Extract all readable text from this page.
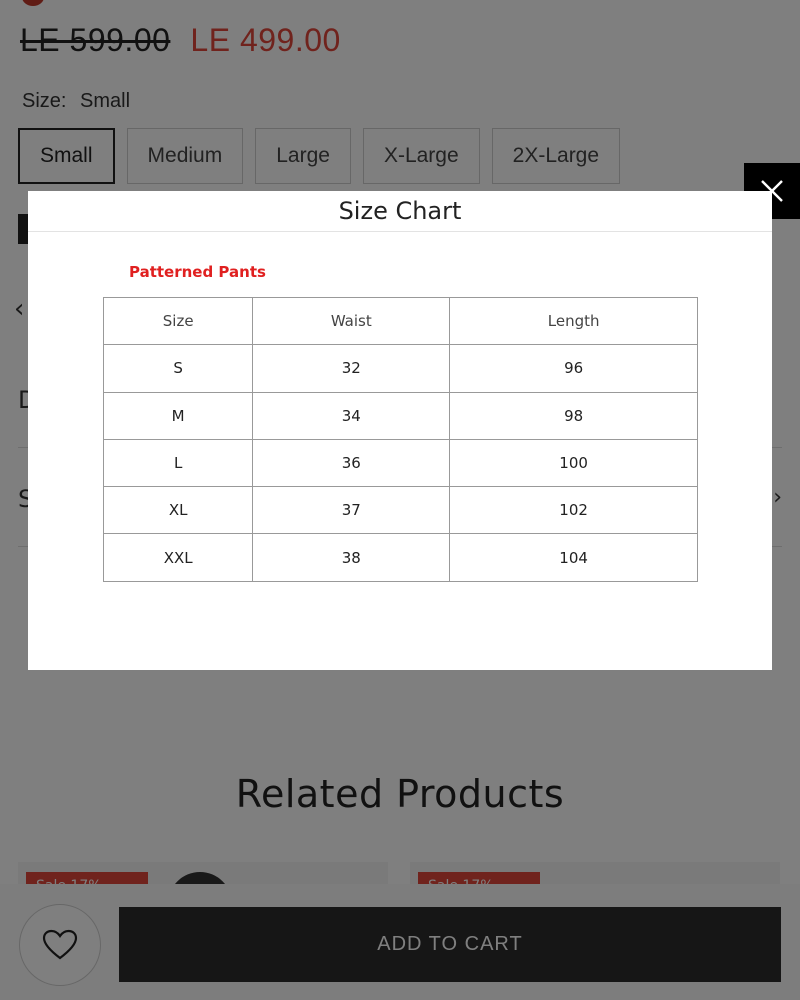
Size Chart
Patterned Pants
Size	Waist	Length
S	32	96
M	34	98
L	36	100
XL	37	102
XXL	38	104
